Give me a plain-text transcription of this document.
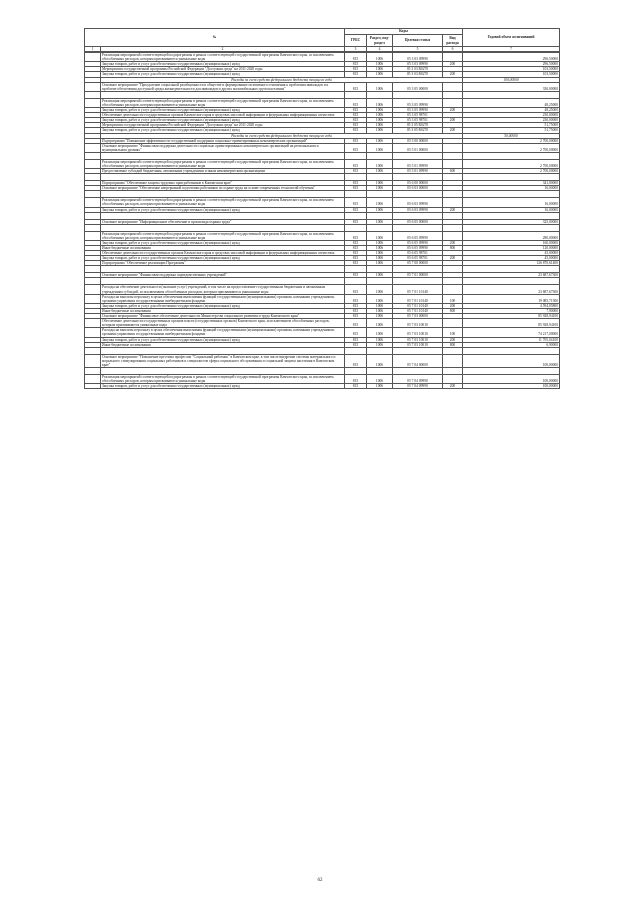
№		Коды				Годовой объем ассигнований
		ГРБС	Раздел, под-раздел	Целевая статья	Вид расхода	
1	2	3	4	5	6	7

	Реализация мероприятий соответствующей подпрограммы в рамках соответствующей государственной программы Камчатского края, за исключением обособленных расходов, которым присваиваются уникальные коды	815	1006	05 3 03 09990		296,50000
	Закупка товаров, работ и услуг для обеспечения государственных (муниципальных) нужд	815	1006	05 3 03 09990	200	296,50000
	Мероприятия государственной программы Российской Федерации "Доступная среда" на 2011-2020 годы	815	1006	05 3 03 R0270		103,50000
	Закупка товаров, работ и услуг для обеспечения государственных (муниципальных) нужд	815	1006	05 3 03 R0270	200	103,50000
	Расходы за счет средств федерального бюджета текущего года					100,00000
	Основное мероприятие "Преодоление социальной разобщенности в обществе и формирование позитивного отношения к проблемам инвалидов и к проблеме обеспечения доступной среды жизнедеятельности для инвалидов и других маломобильных групп населения"	815	1006	05 3 05 00000		330,00000

	Реализация мероприятий соответствующей подпрограммы в рамках соответствующей государственной программы Камчатского края, за исключением обособленных расходов, которым присваиваются уникальные коды	815	1006	05 3 05 09990		48,25000
	Закупка товаров, работ и услуг для обеспечения государственных (муниципальных) нужд	815	1006	05 3 05 09990	200	48,25000
	Обеспечение деятельности государственных органов Камчатского края в средствах массовой информации и федеральных информационных агентствах	815	1006	05 3 05 98701		230,00000
	Закупка товаров, работ и услуг для обеспечения государственных (муниципальных) нужд	815	1006	05 3 05 98701	200	230,00000
	Мероприятия государственной программы Российской Федерации "Доступная среда" на 2011-2020 годы	815	1006	05 3 05 R0270		51,75000
	Закупка товаров, работ и услуг для обеспечения государственных (муниципальных) нужд	815	1006	05 3 05 R0270	200	51,75000
	Расходы за счет средств федерального бюджета текущего года					50,00000
	Подпрограмма "Повышение эффективности государственной поддержки социально-ориентированных некоммерческих организаций"	815	1006	05 5 00 00000		2 700,00000
	Основное мероприятие "Финансовая поддержка деятельности социально ориентированных некоммерческих организаций на региональном и муниципальном уровнях"	815	1006	05 5 01 00000		2 700,00000

	Реализация мероприятий соответствующей подпрограммы в рамках соответствующей государственной программы Камчатского края, за исключением обособленных расходов, которым присваиваются уникальные коды	815	1006	05 5 01 09990		2 700,00000
	Предоставление субсидий бюджетным, автономным учреждениям и иным некоммерческим организациям	815	1006	05 5 01 09990	600	2 700,00000

	Подпрограмма "Обеспечение защиты трудовых прав работников в Камчатском крае"	815	1006	05 6 00 00000		341,00000
	Основное мероприятие "Обеспечение непрерывной подготовки работников по охране труда на основе современных технологий обучения"	815	1006	05 6 03 00000		16,00000

	Реализация мероприятий соответствующей подпрограммы в рамках соответствующей государственной программы Камчатского края, за исключением обособленных расходов, которым присваиваются уникальные коды	815	1006	05 6 03 09990		16,00000
	Закупка товаров, работ и услуг для обеспечения государственных (муниципальных) нужд	815	1006	05 6 03 09990	200	16,00000

	Основное мероприятие "Информационное обеспечение и пропаганда охраны труда"	815	1006	05 6 05 00000		325,00000

	Реализация мероприятий соответствующей подпрограммы в рамках соответствующей государственной программы Камчатского края, за исключением обособленных расходов, которым присваиваются уникальные коды	815	1006	05 6 05 09990		280,00000
	Закупка товаров, работ и услуг для обеспечения государственных (муниципальных) нужд	815	1006	05 6 05 09990	200	160,00000
	Иные бюджетные ассигнования	815	1006	05 6 05 09990	800	120,00000
	Обеспечение деятельности государственных органов Камчатского края в средствах массовой информации и федеральных информационных агентствах	815	1006	05 6 05 98701		45,00000
	Закупка товаров, работ и услуг для обеспечения государственных (муниципальных) нужд	815	1006	05 6 05 98701	200	45,00000
	Подпрограмма "Обеспечение реализации Программы"	815	1006	05 7 00 00000		126 870,61400

	Основное мероприятие "Финансовая поддержка подведомственных учреждений"	815	1006	05 7 01 00000		23 687,67300

	Расходы на обеспечение деятельности (оказание услуг) учреждений, в том числе на предоставление государственным бюджетным и автономным учреждениям субсидий, за исключением обособленных расходов, которым присваиваются уникальные коды	815	1006	05 7 01 10140		23 687,67300
	Расходы на выплаты персоналу в целях обеспечения выполнения функций государственными (муниципальными) органами, казенными учреждениями, органами управления государственными внебюджетными фондами	815	1006	05 7 01 10140	100	19 085,71500
	Закупка товаров, работ и услуг для обеспечения государственных (муниципальных) нужд	815	1006	05 7 01 10140	200	4 594,05800
	Иные бюджетные ассигнования	815	1006	05 7 01 10140	800	7,90000
	Основное мероприятие "Финансовое обеспечение деятельности Министерства социального развития и труда Камчатского края"	815	1006	05 7 03 00000		85 928,94100
	Обеспечение деятельности государственных органов власти (государственных органов) Камчатского края, за исключением обособленных расходов, которым присваиваются уникальные коды	815	1006	05 7 03 10010		85 928,94100
	Расходы на выплаты персоналу в целях обеспечения выполнения функций государственными (муниципальными) органами, казенными учреждениями, органами управления государственными внебюджетными фондами	815	1006	05 7 03 10010	100	74 217,00000
	Закупка товаров, работ и услуг для обеспечения государственных (муниципальных) нужд	815	1006	05 7 03 10010	200	11 705,04100
	Иные бюджетные ассигнования	815	1006	05 7 03 10010	800	6,90000

	Основное мероприятие "Повышение престижа профессии "Социальный работник" в Камчатском крае, в том числе внедрение системы материального и морального стимулирования социальных работников и специалистов сферы социального обслуживания и социальной защиты населения в Камчатском крае"	815	1006	05 7 04 00000		100,00000

	Реализация мероприятий соответствующей подпрограммы в рамках соответствующей государственной программы Камчатского края, за исключением обособленных расходов, которым присваиваются уникальные коды	815	1006	05 7 04 09990		100,00000
	Закупка товаров, работ и услуг для обеспечения государственных (муниципальных) нужд	815	1006	05 7 04 09990	200	100,00000
62
